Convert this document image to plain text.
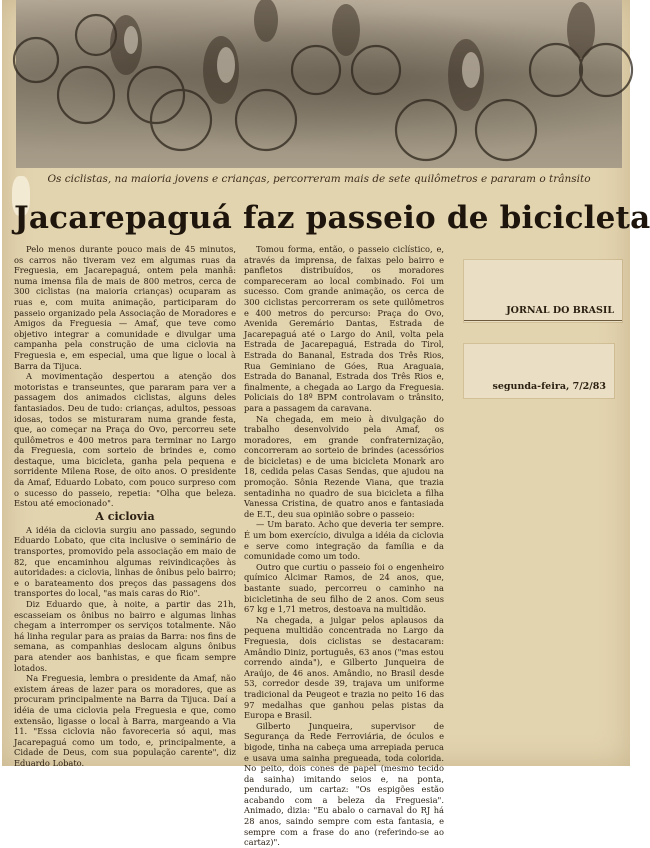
Os ciclistas, na maioria jovens e crianças, percorreram mais de sete quilômetros e pararam o trânsito
Jacarepaguá faz passeio de bicicleta

Pelo menos durante pouco mais de 45 minutos, os carros não tiveram vez em algumas ruas da Freguesia, em Jacarepaguá, ontem pela manhã: numa imensa fila de mais de 800 metros, cerca de 300 ciclistas (na maioria crianças) ocuparam as ruas e, com muita animação, participaram do passeio organizado pela Associação de Moradores e Amigos da Freguesia — Amaf, que teve como objetivo integrar a comunidade e divulgar uma campanha pela construção de uma ciclovia na Freguesia e, em especial, uma que ligue o local à Barra da Tijuca.

A movimentação despertou a atenção dos motoristas e transeuntes, que pararam para ver a passagem dos animados ciclistas, alguns deles fantasiados. Deu de tudo: crianças, adultos, pessoas idosas, todos se misturaram numa grande festa, que, ao começar na Praça do Ovo, percorreu sete quilômetros e 400 metros para terminar no Largo da Freguesia, com sorteio de brindes e, como destaque, uma bicicleta, ganha pela pequena e sorridente Milena Rose, de oito anos. O presidente da Amaf, Eduardo Lobato, com pouco surpreso com o sucesso do passeio, repetia: "Olha que beleza. Estou até emocionado".

A ciclovia

A idéia da ciclovia surgiu ano passado, segundo Eduardo Lobato, que cita inclusive o seminário de transportes, promovido pela associação em maio de 82, que encaminhou algumas reivindicações às autoridades: a ciclovia, linhas de ônibus pelo bairro; e o barateamento dos preços das passagens dos transportes do local, "as mais caras do Rio".

Diz Eduardo que, à noite, a partir das 21h, escasseiam os ônibus no bairro e algumas linhas chegam a interromper os serviços totalmente. Não há linha regular para as praias da Barra: nos fins de semana, as companhias deslocam alguns ônibus para atender aos banhistas, e que ficam sempre lotados.

Na Freguesia, lembra o presidente da Amaf, não existem áreas de lazer para os moradores, que as procuram principalmente na Barra da Tijuca. Daí a idéia de uma ciclovia pela Freguesia e que, como extensão, ligasse o local à Barra, margeando a Via 11. "Essa ciclovia não favoreceria só aqui, mas Jacarepaguá como um todo, e, principalmente, a Cidade de Deus, com sua população carente", diz Eduardo Lobato.

Tomou forma, então, o passeio ciclístico, e, através da imprensa, de faixas pelo bairro e panfletos distribuídos, os moradores compareceram ao local combinado. Foi um sucesso. Com grande animação, os cerca de 300 ciclistas percorreram os sete quilômetros e 400 metros do percurso: Praça do Ovo, Avenida Geremário Dantas, Estrada de Jacarepaguá até o Largo do Anil, volta pela Estrada de Jacarepaguá, Estrada do Tirol, Estrada do Bananal, Estrada dos Três Rios, Rua Geminiano de Góes, Rua Araguaia, Estrada do Bananal, Estrada dos Três Rios e, finalmente, a chegada ao Largo da Freguesia. Policiais do 18º BPM controlavam o trânsito, para a passagem da caravana.

Na chegada, em meio à divulgação do trabalho desenvolvido pela Amaf, os moradores, em grande confraternização, concorreram ao sorteio de brindes (acessórios de bicicletas) e de uma bicicleta Monark aro 18, cedida pelas Casas Sendas, que ajudou na promoção. Sônia Rezende Viana, que trazia sentadinha no quadro de sua bicicleta a filha Vanessa Cristina, de quatro anos e fantasiada de E.T., deu sua opinião sobre o passeio:

— Um barato. Acho que deveria ter sempre. É um bom exercício, divulga a idéia da ciclovia e serve como integração da família e da comunidade como um todo.

Outro que curtiu o passeio foi o engenheiro químico Alcimar Ramos, de 24 anos, que, bastante suado, percorreu o caminho na bicicletinha de seu filho de 2 anos. Com seus 67 kg e 1,71 metros, destoava na multidão.

Na chegada, a julgar pelos aplausos da pequena multidão concentrada no Largo da Freguesia, dois ciclistas se destacaram: Amândio Diniz, português, 63 anos ("mas estou correndo ainda"), e Gilberto Junqueira de Araújo, de 46 anos. Amândio, no Brasil desde 53, corredor desde 39, trajava um uniforme tradicional da Peugeot e trazia no peito 16 das 97 medalhas que ganhou pelas pistas da Europa e Brasil.

Gilberto Junqueira, supervisor de Segurança da Rede Ferroviária, de óculos e bigode, tinha na cabeça uma arrepiada peruca e usava uma sainha pregueada, toda colorida. No peito, dois cones de papel (mesmo tecido da sainha) imitando seios e, na ponta, pendurado, um cartaz: "Os espigões estão acabando com a beleza da Freguesia". Animado, dizia: "Eu abalo o carnaval do RJ há 28 anos, saindo sempre com esta fantasia, e sempre com a frase do ano (referindo-se ao cartaz)".

JORNAL DO BRASIL
segunda-feira, 7/2/83
